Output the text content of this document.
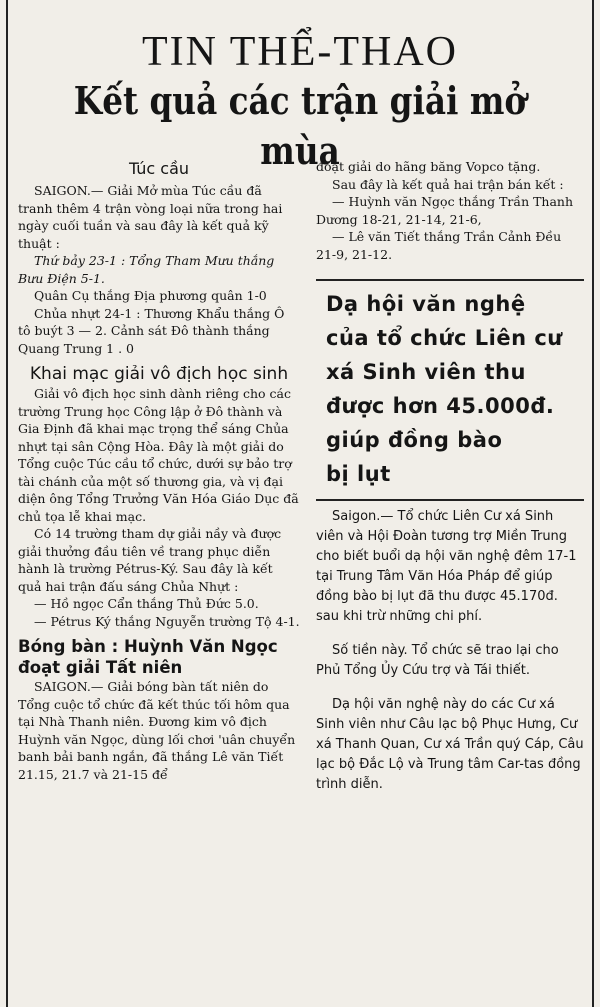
TIN THỂ-THAO
Kết quả các trận giải mở mùa
Túc cầu

SAIGON.— Giải Mở mùa Túc cầu đã tranh thêm 4 trận vòng loại nữa trong hai ngày cuối tuần và sau đây là kết quả kỹ thuật :

Thứ bảy 23-1 : Tổng Tham Mưu thắng Bưu Điện 5-1.

Quân Cụ thắng Địa phương quân 1-0

Chủa nhựt 24-1 : Thương Khẩu thắng Ô tô buýt 3 — 2. Cảnh sát Đô thành thắng Quang Trung 1 . 0

Khai mạc giải vô địch học sinh

Giải vô địch học sinh dành riêng cho các trường Trung học Công lập ở Đô thành và Gia Định đã khai mạc trọng thể sáng Chủa nhựt tại sân Cộng Hòa. Đây là một giải do Tổng cuộc Túc cầu tổ chức, dưới sự bảo trợ tài chánh của một số thương gia, và vị đại diện ông Tổng Trưởng Văn Hóa Giáo Dục đã chủ tọa lễ khai mạc.

Có 14 trường tham dự giải nầy và được giải thưởng đầu tiên về trang phục diễn hành là trường Pétrus-Ký. Sau đây là kết quả hai trận đấu sáng Chủa Nhựt :

— Hồ ngọc Cẩn thắng Thủ Đức 5.0.

— Pétrus Ký thắng Nguyễn trường Tộ 4-1.

Bóng bàn : Huỳnh Văn Ngọc đoạt giải Tất niên

SAIGON.— Giải bóng bàn tất niên do Tổng cuộc tổ chức đã kết thúc tối hôm qua tại Nhà Thanh niên. Đương kim vô địch Huỳnh văn Ngọc, dùng lối chơi 'uân chuyển banh bải banh ngắn, đã thắng Lê văn Tiết 21.15, 21.7 và 21-15 để

đoạt giải do hãng băng Vopco tặng.

Sau đây là kết quả hai trận bán kết :

— Huỳnh văn Ngọc thắng Trần Thanh Dương 18-21, 21-14, 21-6,

— Lê văn Tiết thắng Trần Cảnh Đều 21-9, 21-12.

Dạ hội văn nghệ
của tổ chức Liên cư
xá Sinh viên thu
được hơn 45.000đ.
giúp đồng bào
bị lụt

Saigon.— Tổ chức Liên Cư xá Sinh viên và Hội Đoàn tương trợ Miền Trung cho biết buổi dạ hội văn nghệ đêm 17-1 tại Trung Tâm Văn Hóa Pháp để giúp đồng bào bị lụt đã thu được 45.170đ. sau khi trừ những chi phí.

Số tiền này. Tổ chức sẽ trao lại cho Phủ Tổng Ủy Cứu trợ và Tái thiết.

Dạ hội văn nghệ này do các Cư xá Sinh viên như Câu lạc bộ Phục Hưng, Cư xá Thanh Quan, Cư xá Trần quý Cáp, Câu lạc bộ Đắc Lộ và Trung tâm Car-tas đồng trình diễn.
